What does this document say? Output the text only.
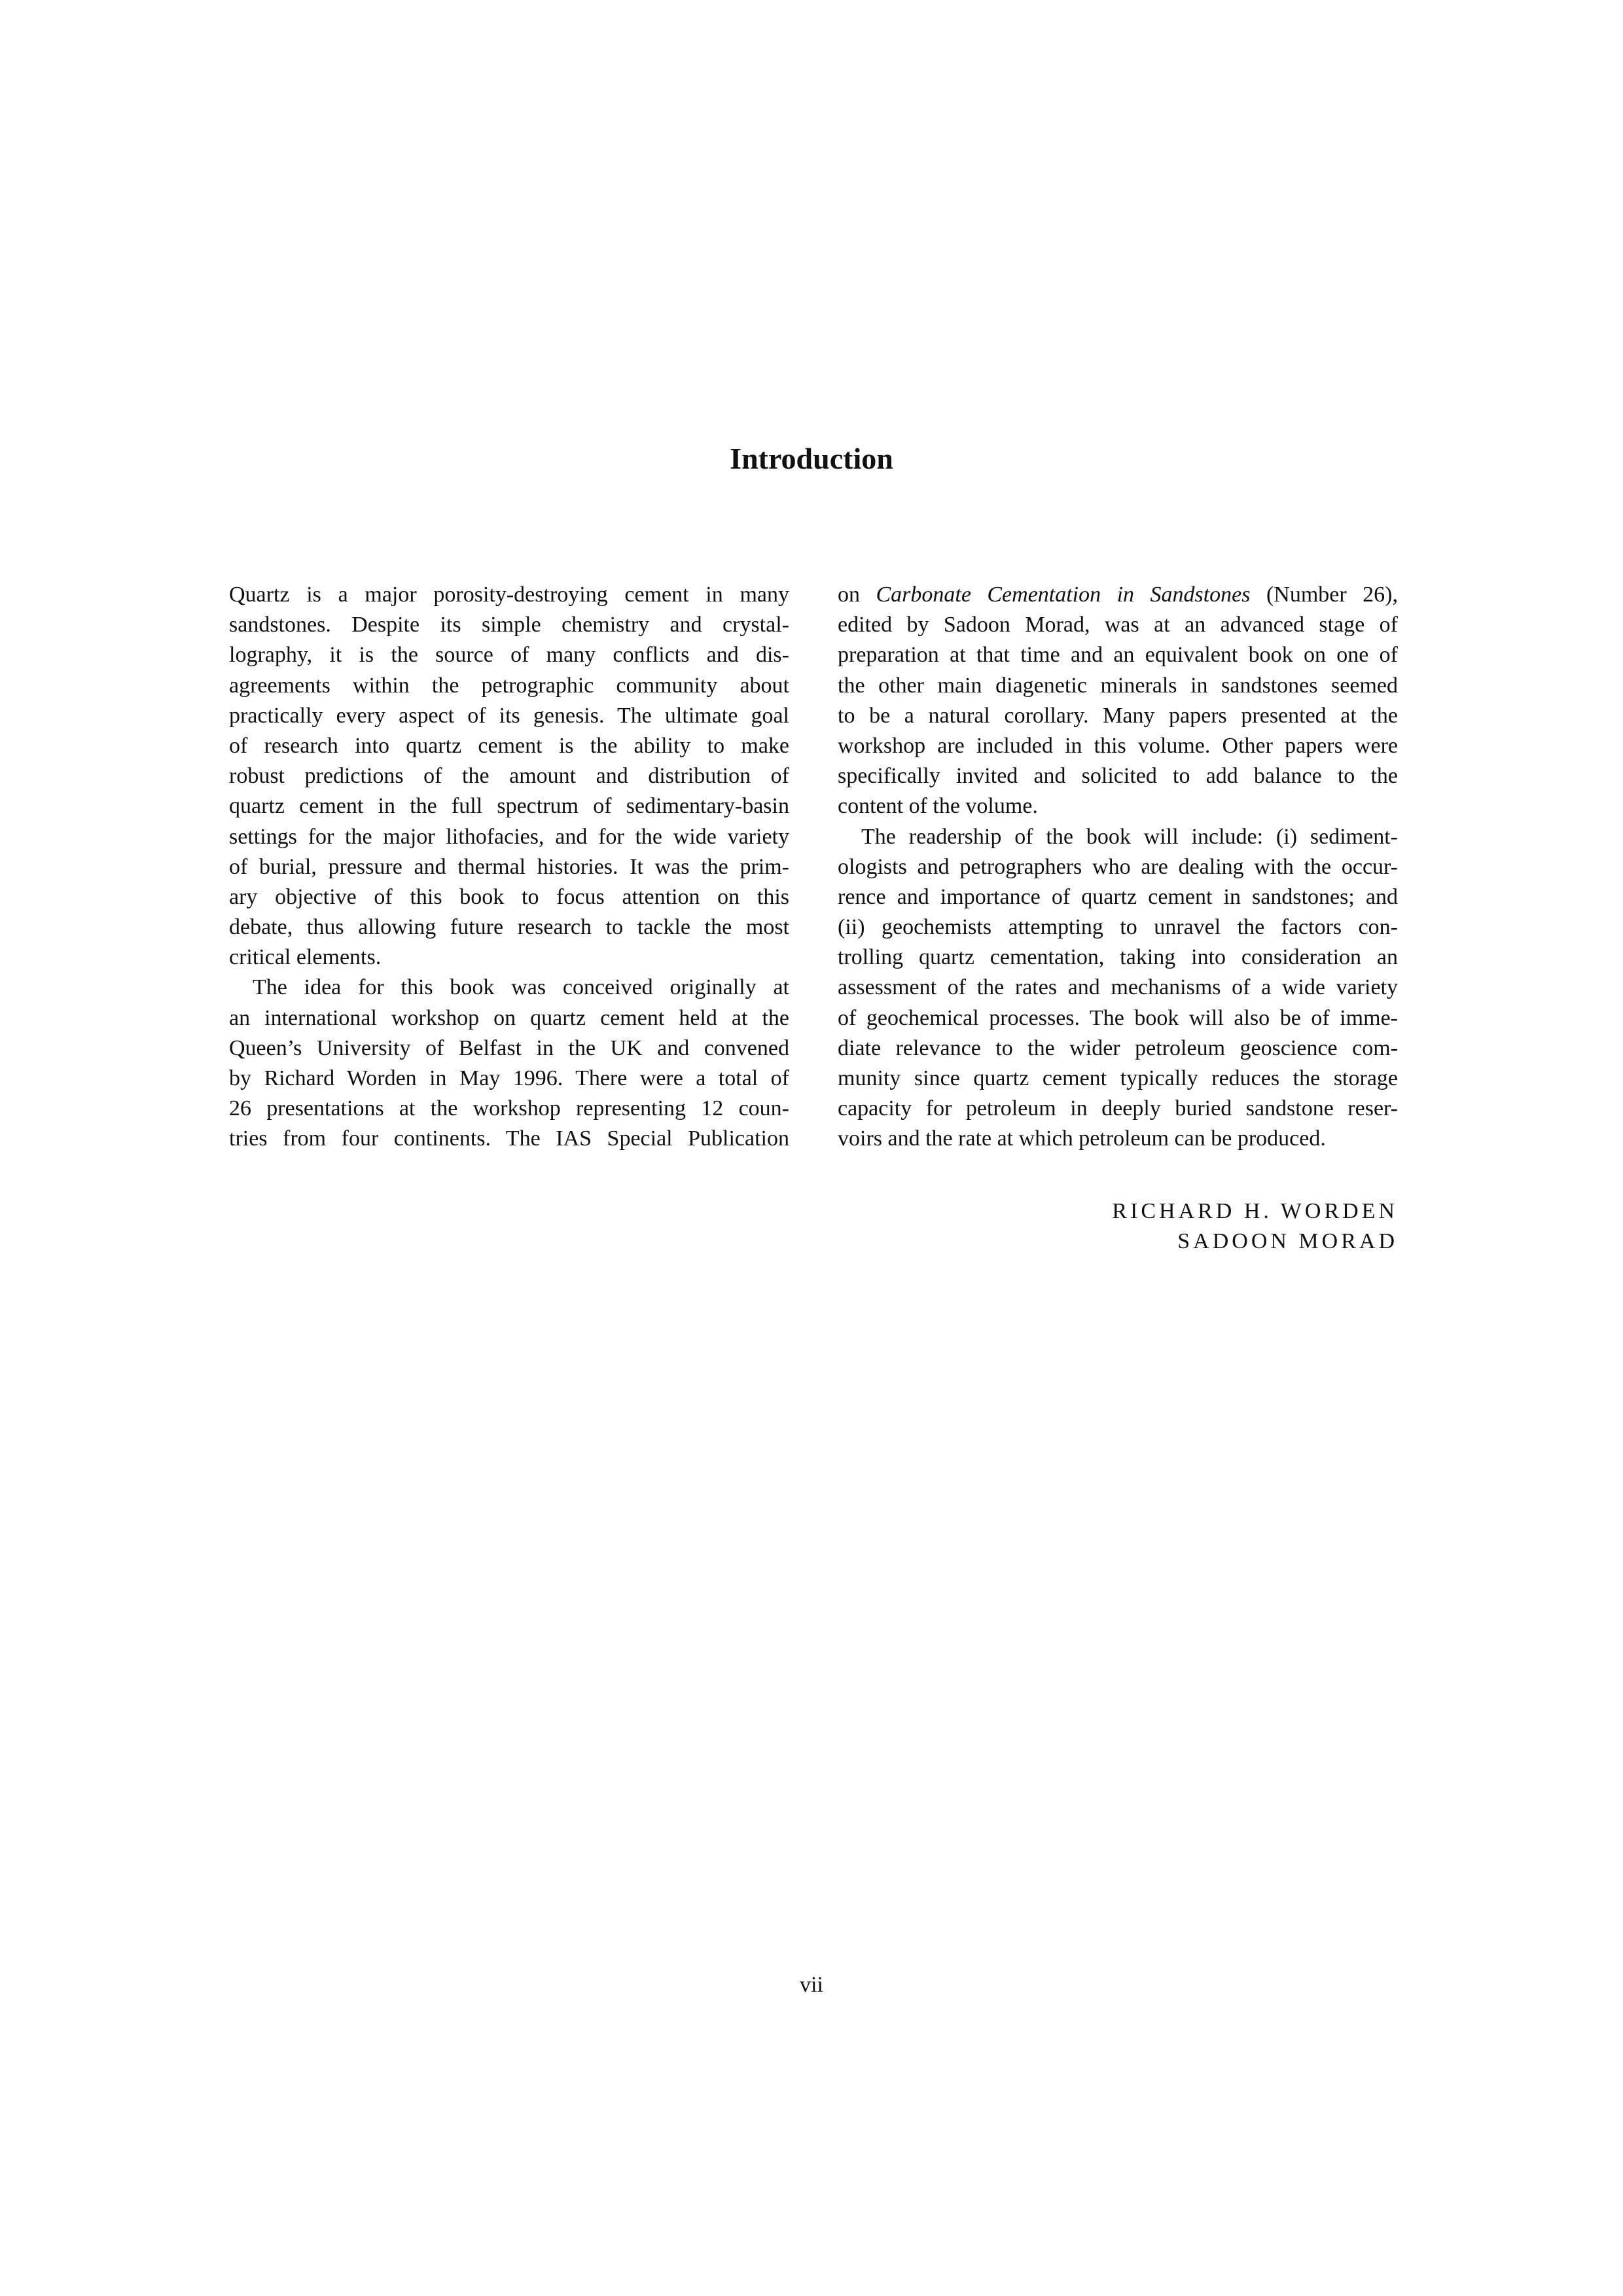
Introduction

Quartz is a major porosity-destroying cement in many
sandstones. Despite its simple chemistry and crystal-
lography, it is the source of many conflicts and dis-
agreements within the petrographic community about
practically every aspect of its genesis. The ultimate goal
of research into quartz cement is the ability to make
robust predictions of the amount and distribution of
quartz cement in the full spectrum of sedimentary-basin
settings for the major lithofacies, and for the wide variety
of burial, pressure and thermal histories. It was the prim-
ary objective of this book to focus attention on this
debate, thus allowing future research to tackle the most
critical elements.

The idea for this book was conceived originally at
an international workshop on quartz cement held at the
Queen’s University of Belfast in the UK and convened
by Richard Worden in May 1996. There were a total of
26 presentations at the workshop representing 12 coun-
tries from four continents. The IAS Special Publication

on Carbonate Cementation in Sandstones (Number 26),
edited by Sadoon Morad, was at an advanced stage of
preparation at that time and an equivalent book on one of
the other main diagenetic minerals in sandstones seemed
to be a natural corollary. Many papers presented at the
workshop are included in this volume. Other papers were
specifically invited and solicited to add balance to the
content of the volume.

The readership of the book will include: (i) sediment-
ologists and petrographers who are dealing with the occur-
rence and importance of quartz cement in sandstones; and
(ii) geochemists attempting to unravel the factors con-
trolling quartz cementation, taking into consideration an
assessment of the rates and mechanisms of a wide variety
of geochemical processes. The book will also be of imme-
diate relevance to the wider petroleum geoscience com-
munity since quartz cement typically reduces the storage
capacity for petroleum in deeply buried sandstone reser-
voirs and the rate at which petroleum can be produced.

RICHARD H. WORDEN
SADOON MORAD
vii
